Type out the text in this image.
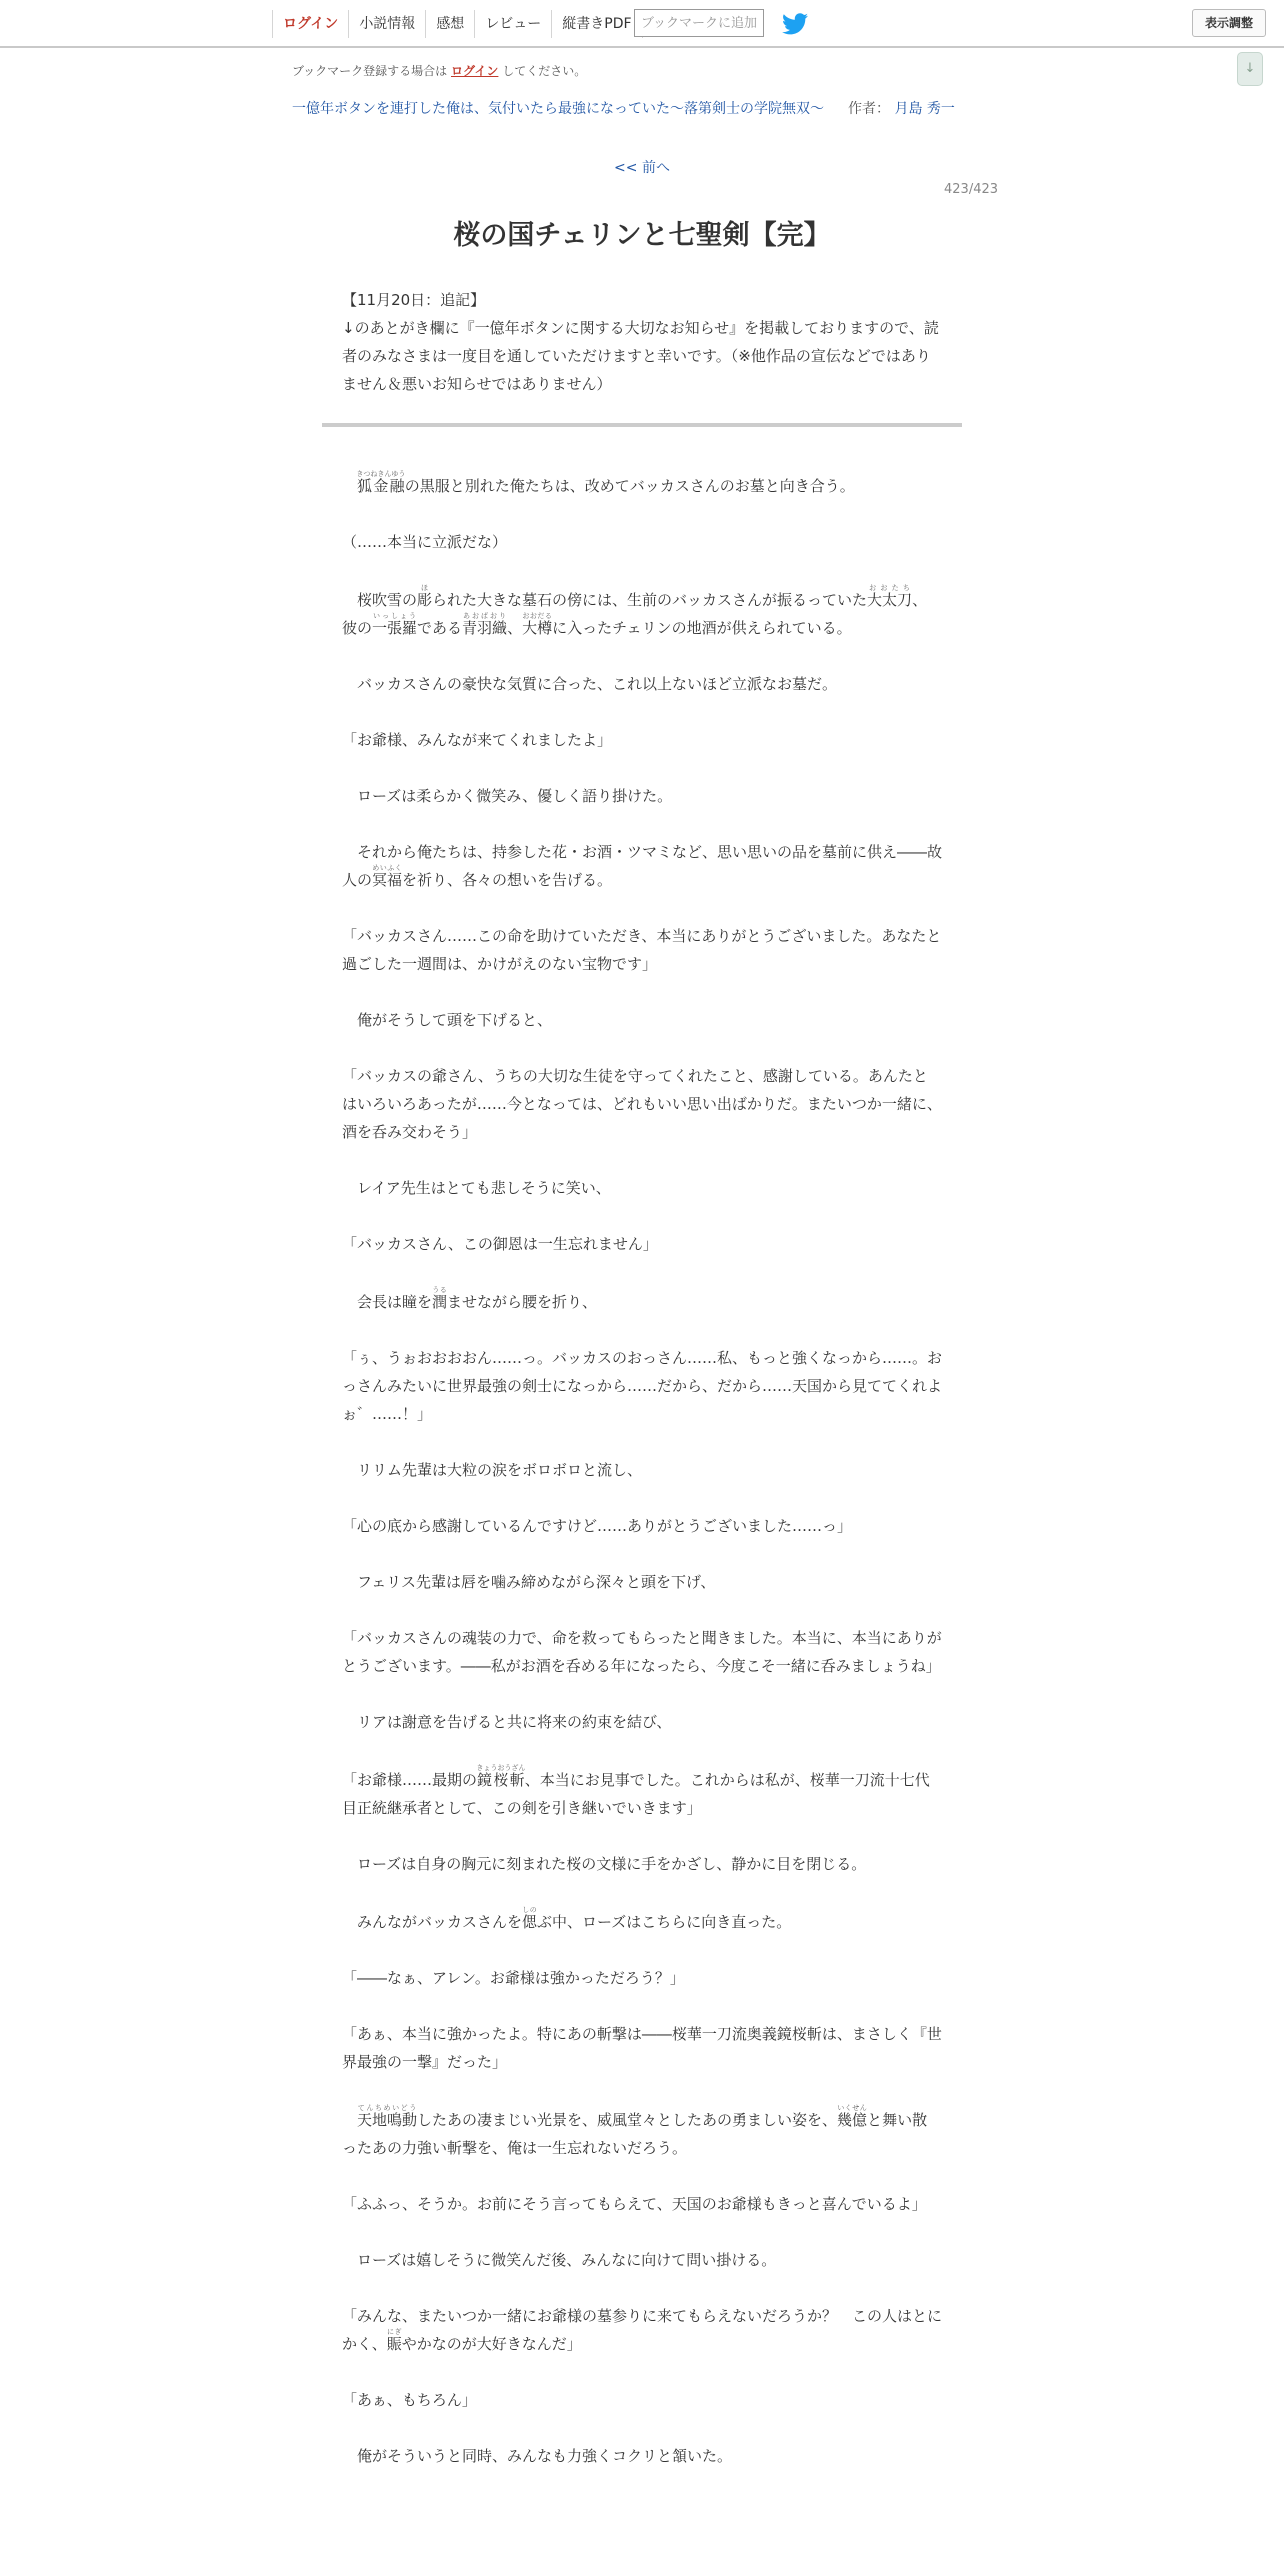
ログイン	小説情報	感想	レビュー	縦書きPDF ブックマークに追加	表示調整
↓
ブックマーク登録する場合は ログイン してください。
一億年ボタンを連打した俺は、気付いたら最強になっていた～落第剣士の学院無双～ 作者： 月島 秀一
<< 前へ
423/423
桜の国チェリンと七聖剣【完】

【11月20日：追記】

↓のあとがき欄に『一億年ボタンに関する大切なお知らせ』を掲載しておりますので、読者のみなさまは一度目を通していただけますと幸いです。（※他作品の宣伝などではありません＆悪いお知らせではありません）

　狐金融きつねきんゆうの黒服と別れた俺たちは、改めてバッカスさんのお墓と向き合う。

（……本当に立派だな）

　桜吹雪の彫ほられた大きな墓石の傍には、生前のバッカスさんが振るっていた大太刀おおたち、彼の一張羅いっしょうである青羽織あおばおり、大樽おおだるに入ったチェリンの地酒が供えられている。

　バッカスさんの豪快な気質に合った、これ以上ないほど立派なお墓だ。

「お爺様、みんなが来てくれましたよ」

　ローズは柔らかく微笑み、優しく語り掛けた。

　それから俺たちは、持参した花・お酒・ツマミなど、思い思いの品を墓前に供え――故人の冥福めいふくを祈り、各々の想いを告げる。

「バッカスさん……この命を助けていただき、本当にありがとうございました。あなたと過ごした一週間は、かけがえのない宝物です」

　俺がそうして頭を下げると、

「バッカスの爺さん、うちの大切な生徒を守ってくれたこと、感謝している。あんたとはいろいろあったが……今となっては、どれもいい思い出ばかりだ。またいつか一緒に、酒を呑み交わそう」

　レイア先生はとても悲しそうに笑い、

「バッカスさん、この御恩は一生忘れません」

　会長は瞳を潤うるませながら腰を折り、

「ぅ、うぉおおおおん……っ。バッカスのおっさん……私、もっと強くなっから……。おっさんみたいに世界最強の剣士になっから……だから、だから……天国から見ててくれよぉ゛……！」

　リリム先輩は大粒の涙をボロボロと流し、

「心の底から感謝しているんですけど……ありがとうございました……っ」

　フェリス先輩は唇を噛み締めながら深々と頭を下げ、

「バッカスさんの魂装の力で、命を救ってもらったと聞きました。本当に、本当にありがとうございます。――私がお酒を呑める年になったら、今度こそ一緒に呑みましょうね」

　リアは謝意を告げると共に将来の約束を結び、

「お爺様……最期の鏡桜斬きょうおうざん、本当にお見事でした。これからは私が、桜華一刀流十七代目正統継承者として、この剣を引き継いでいきます」

　ローズは自身の胸元に刻まれた桜の文様に手をかざし、静かに目を閉じる。

　みんながバッカスさんを偲しのぶ中、ローズはこちらに向き直った。

「――なぁ、アレン。お爺様は強かっただろう？」

「あぁ、本当に強かったよ。特にあの斬撃は――桜華一刀流奥義鏡桜斬は、まさしく『世界最強の一撃』だった」

　天地鳴動てんちめいどうしたあの凄まじい光景を、威風堂々としたあの勇ましい姿を、幾億いくせんと舞い散ったあの力強い斬撃を、俺は一生忘れないだろう。

「ふふっ、そうか。お前にそう言ってもらえて、天国のお爺様もきっと喜んでいるよ」

　ローズは嬉しそうに微笑んだ後、みんなに向けて問い掛ける。

「みんな、またいつか一緒にお爺様の墓参りに来てもらえないだろうか？　この人はとにかく、賑にぎやかなのが大好きなんだ」

「あぁ、もちろん」

　俺がそういうと同時、みんなも力強くコクリと頷いた。
